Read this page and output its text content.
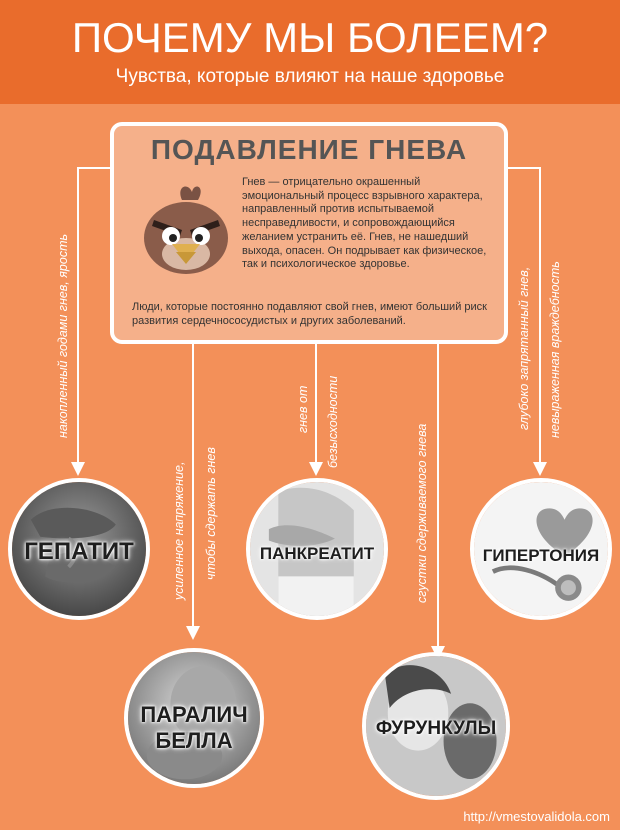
ПОЧЕМУ МЫ БОЛЕЕМ?
Чувства, которые влияют на наше здоровье
ПОДАВЛЕНИЕ ГНЕВА
Гнев — отрицательно окрашенный эмоциональный процесс взрывного характера, направленный против испытываемой несправедливости, и сопровождающийся желанием устранить её. Гнев, не нашедший выхода, опасен. Он подрывает как физическое, так и психологическое здоровье.
Люди, которые постоянно подавляют свой гнев, имеют больший риск развития сердечнососудистых и других заболеваний.
накопленный годами гнев, ярость
усиленное напряжение, чтобы сдержать гнев
гнев от безысходности
сгустки сдерживаемого гнева
глубоко запрятанный гнев, невыраженная враждебность
ГЕПАТИТ
ПАРАЛИЧ
БЕЛЛА
ПАНКРЕАТИТ
ФУРУНКУЛЫ
ГИПЕРТОНИЯ
http://vmestovalidola.com
